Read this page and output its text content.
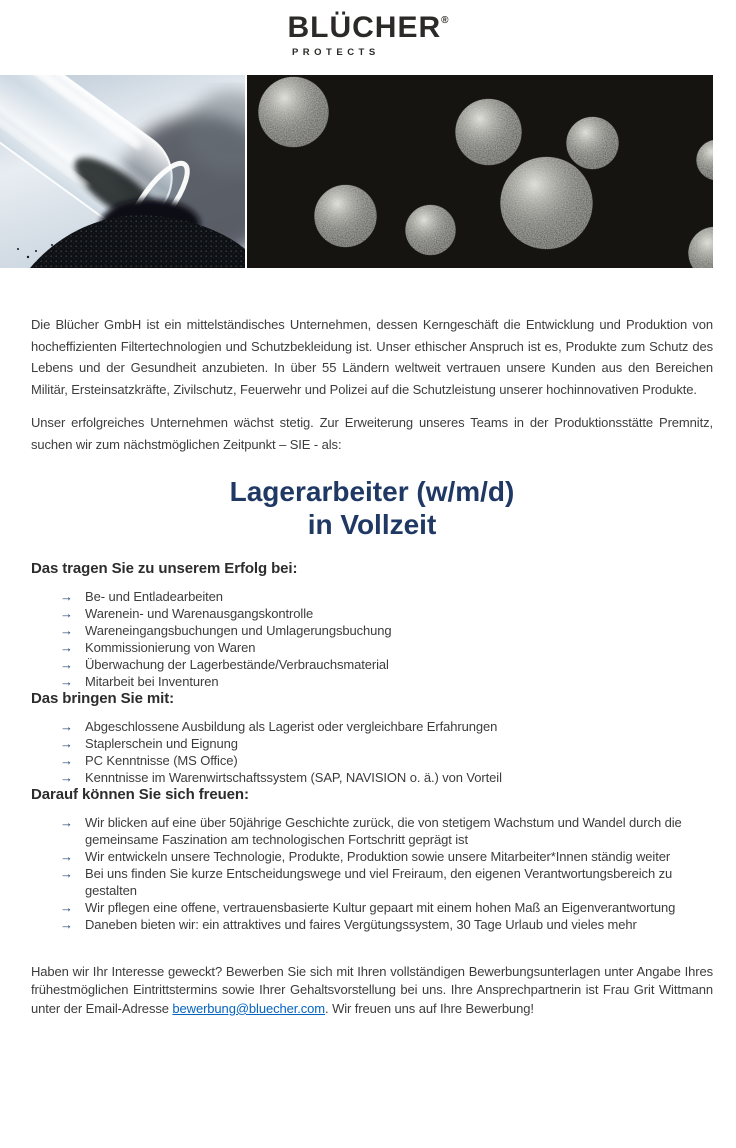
BLÜCHER®
PROTECTS

Die Blücher GmbH ist ein mittelständisches Unternehmen, dessen Kerngeschäft die Entwicklung und Produktion von hocheffizienten Filtertechnologien und Schutzbekleidung ist. Unser ethischer Anspruch ist es, Produkte zum Schutz des Lebens und der Gesundheit anzubieten. In über 55 Ländern weltweit vertrauen unsere Kunden aus den Bereichen Militär, Ersteinsatzkräfte, Zivilschutz, Feuerwehr und Polizei auf die Schutzleistung unserer hochinnovativen Produkte.

Unser erfolgreiches Unternehmen wächst stetig. Zur Erweiterung unseres Teams in der Produktionsstätte Premnitz, suchen wir zum nächstmöglichen Zeitpunkt – SIE - als:

Lagerarbeiter (w/m/d)
in Vollzeit
Das tragen Sie zu unserem Erfolg bei:
→ Be- und Entladearbeiten
→ Warenein- und Warenausgangskontrolle
→ Wareneingangsbuchungen und Umlagerungsbuchung
→ Kommissionierung von Waren
→ Überwachung der Lagerbestände/Verbrauchsmaterial
→ Mitarbeit bei Inventuren
Das bringen Sie mit:
→ Abgeschlossene Ausbildung als Lagerist oder vergleichbare Erfahrungen
→ Staplerschein und Eignung
→ PC Kenntnisse (MS Office)
→ Kenntnisse im Warenwirtschaftssystem (SAP, NAVISION o. ä.) von Vorteil
Darauf können Sie sich freuen:
→ Wir blicken auf eine über 50jährige Geschichte zurück, die von stetigem Wachstum und Wandel durch die gemeinsame Faszination am technologischen Fortschritt geprägt ist
→ Wir entwickeln unsere Technologie, Produkte, Produktion sowie unsere Mitarbeiter*Innen ständig weiter
→ Bei uns finden Sie kurze Entscheidungswege und viel Freiraum, den eigenen Verantwortungsbereich zu gestalten
→ Wir pflegen eine offene, vertrauensbasierte Kultur gepaart mit einem hohen Maß an Eigenverantwortung
→ Daneben bieten wir: ein attraktives und faires Vergütungssystem, 30 Tage Urlaub und vieles mehr

Haben wir Ihr Interesse geweckt? Bewerben Sie sich mit Ihren vollständigen Bewerbungsunterlagen unter Angabe Ihres frühestmöglichen Eintrittstermins sowie Ihrer Gehaltsvorstellung bei uns. Ihre Ansprechpartnerin ist Frau Grit Wittmann unter der Email-Adresse bewerbung@bluecher.com. Wir freuen uns auf Ihre Bewerbung!
